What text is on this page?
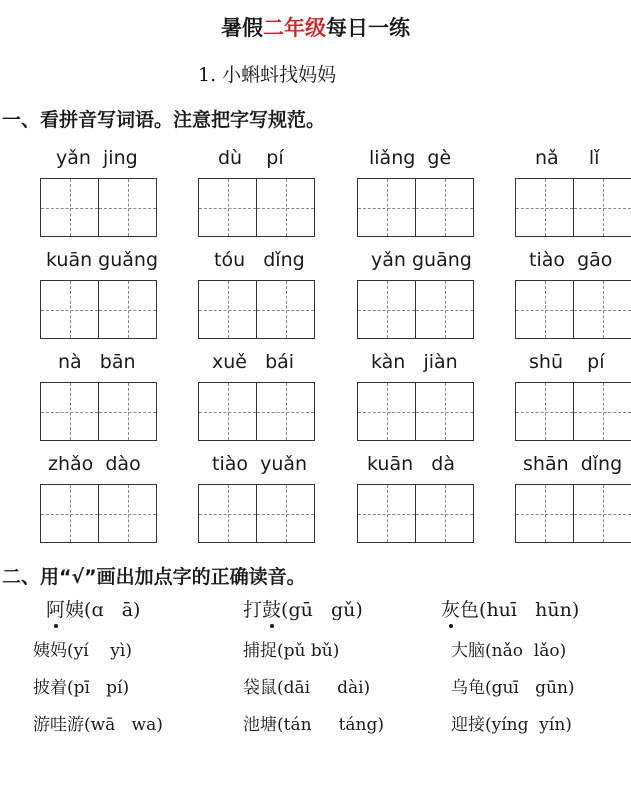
暑假二年级每日一练
1. 小蝌蚪找妈妈
一、看拼音写词语。注意把字写规范。
yǎn  jing	dù    pí	liǎng  gè	nǎ     lǐ
kuān guǎng	tóu   dǐng	yǎn guāng	tiào  gāo
nà   bān	xuě   bái	kàn   jiàn	shū    pí
zhǎo  dào	tiào  yuǎn	kuān   dà	shān  dǐng
二、用“√”画出加点字的正确读音。
阿姨(ɑ   ā)	打鼓(gū   gǔ)	灰色(huī   hūn)
姨妈(yí    yì)	捕捉(pǔ bǔ)	大脑(nǎo  lǎo)
披着(pī   pí)	袋鼠(dāi     dài)	乌龟(guī   gūn)
游哇游(wā   wa)	池塘(tán     táng)	迎接(yíng  yín)
